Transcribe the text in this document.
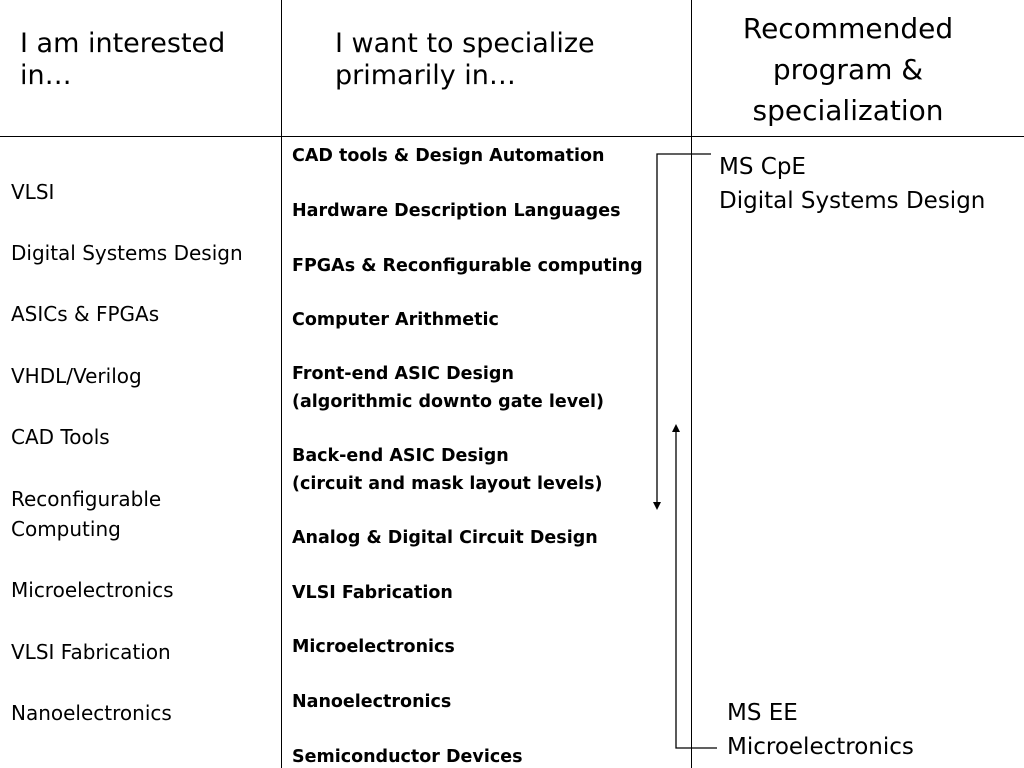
I am interested
in…
I want to specialize
primarily in…
Recommended
program &
specialization
VLSI
Digital Systems Design
ASICs & FPGAs
VHDL/Verilog
CAD Tools
Reconfigurable
Computing
Microelectronics
VLSI Fabrication
Nanoelectronics
CAD tools & Design Automation
Hardware Description Languages
FPGAs & Reconfigurable computing
Computer Arithmetic
Front-end ASIC Design
(algorithmic downto gate level)
Back-end ASIC Design
(circuit and mask layout levels)
Analog & Digital Circuit Design
VLSI Fabrication
Microelectronics
Nanoelectronics
Semiconductor Devices
MS CpE
Digital Systems Design
MS EE
Microelectronics
